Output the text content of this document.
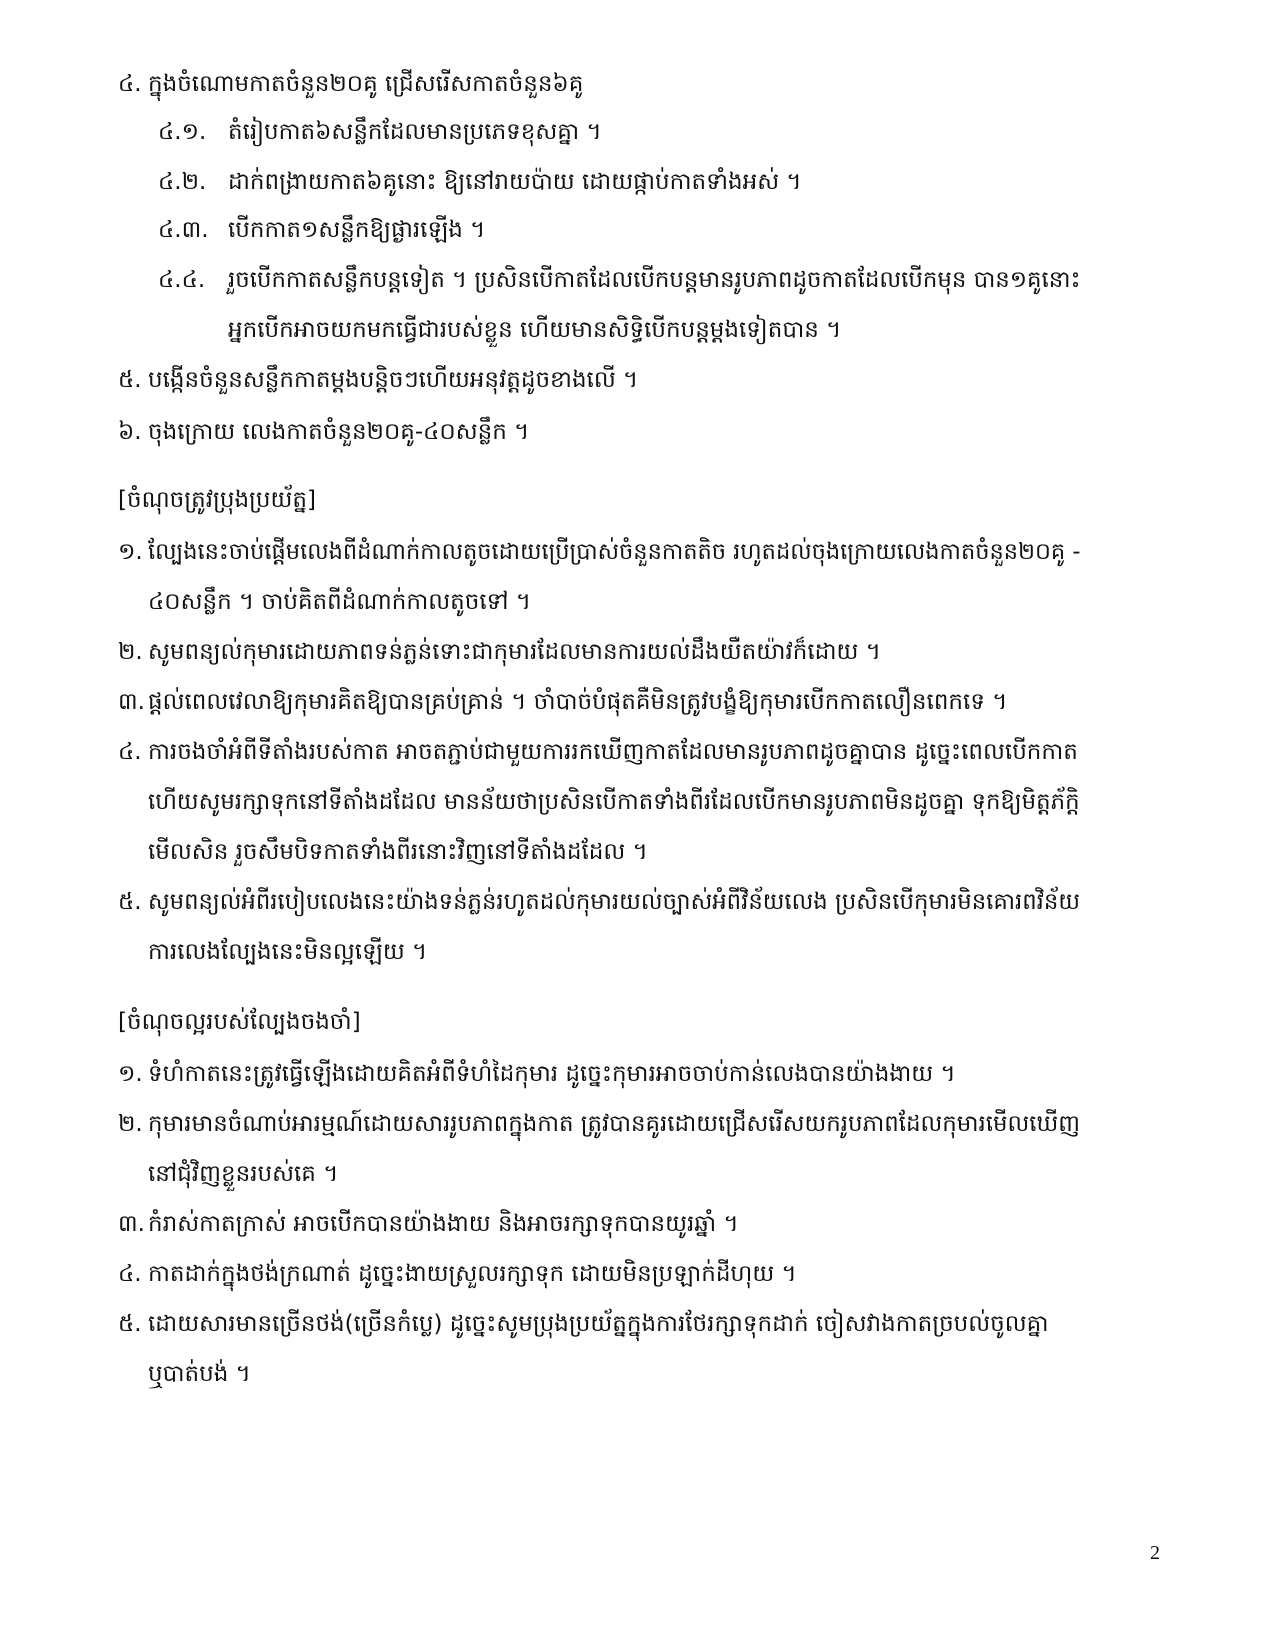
៤. ក្នុងចំណោមកាតចំនួន២០គូ ជ្រើសរើសកាតចំនួន៦គូ
៤.១. តំរៀបកាត៦សន្លឹកដែលមានប្រភេទខុសគ្នា ។
៤.២. ដាក់ពង្រាយកាត៦គូនោះ ឱ្យនៅរាយប៉ាយ ដោយផ្កាប់កាតទាំងអស់ ។
៤.៣. បើកកាត១សន្លឹកឱ្យផ្ងារឡើង ។
៤.៤. រួចបើកកាតសន្លឹកបន្តទៀត ។ ប្រសិនបើកាតដែលបើកបន្តមានរូបភាពដូចកាតដែលបើកមុន បាន១គូនោះ
អ្នកបើកអាចយកមកធ្វើជារបស់ខ្លួន ហើយមានសិទ្ធិបើកបន្តម្តងទៀតបាន ។
៥. បង្កើនចំនួនសន្លឹកកាតម្តងបន្តិចៗហើយអនុវត្តដូចខាងលើ ។
៦. ចុងក្រោយ លេងកាតចំនួន២០គូ-៤០សន្លឹក ។
[ចំណុចត្រូវប្រុងប្រយ័ត្ន]
១. ល្បែងនេះចាប់ផ្តើមលេងពីដំណាក់កាលតូចដោយប្រើប្រាស់ចំនួនកាតតិច រហូតដល់ចុងក្រោយលេងកាតចំនួន២០គូ -
៤០សន្លឹក ។ ចាប់គិតពីដំណាក់កាលតូចទៅ ។
២. សូមពន្យល់កុមារដោយភាពទន់ភ្លន់ទោះជាកុមារដែលមានការយល់ដឹងយឺតយ៉ាវក៏ដោយ ។
៣. ផ្តល់ពេលវេលាឱ្យកុមារគិតឱ្យបានគ្រប់គ្រាន់ ។ ចាំបាច់បំផុតគឺមិនត្រូវបង្ខំឱ្យកុមារបើកកាតលឿនពេកទេ ។
៤. ការចងចាំអំពីទីតាំងរបស់កាត អាចតភ្ជាប់ជាមួយការរកឃើញកាតដែលមានរូបភាពដូចគ្នាបាន ដូច្នេះពេលបើកកាត
ហើយសូមរក្សាទុកនៅទីតាំងដដែល មានន័យថាប្រសិនបើកាតទាំងពីរដែលបើកមានរូបភាពមិនដូចគ្នា ទុកឱ្យមិត្តភ័ក្តិ
មើលសិន រួចសឹមបិទកាតទាំងពីរនោះវិញនៅទីតាំងដដែល ។
៥. សូមពន្យល់អំពីរបៀបលេងនេះយ៉ាងទន់ភ្លន់រហូតដល់កុមារយល់ច្បាស់អំពីវិន័យលេង ប្រសិនបើកុមារមិនគោរពវិន័យ
ការលេងល្បែងនេះមិនល្អឡើយ ។
[ចំណុចល្អរបស់ល្បែងចងចាំ]
១. ទំហំកាតនេះត្រូវធ្វើឡើងដោយគិតអំពីទំហំដៃកុមារ ដូច្នេះកុមារអាចចាប់កាន់លេងបានយ៉ាងងាយ ។
២. កុមារមានចំណាប់អារម្មណ៍ដោយសាររូបភាពក្នុងកាត ត្រូវបានគូរដោយជ្រើសរើសយករូបភាពដែលកុមារមើលឃើញ
នៅជុំវិញខ្លួនរបស់គេ ។
៣. កំរាស់កាតក្រាស់ អាចបើកបានយ៉ាងងាយ និងអាចរក្សាទុកបានយូរឆ្នាំ ។
៤. កាតដាក់ក្នុងថង់ក្រណាត់ ដូច្នេះងាយស្រួលរក្សាទុក ដោយមិនប្រឡាក់ដីហុយ ។
៥. ដោយសារមានច្រើនថង់(ច្រើនកំប្លេ) ដូច្នេះសូមប្រុងប្រយ័ត្នក្នុងការថែរក្សាទុកដាក់ ចៀសវាងកាតច្របល់ចូលគ្នា
ឬបាត់បង់ ។
2
